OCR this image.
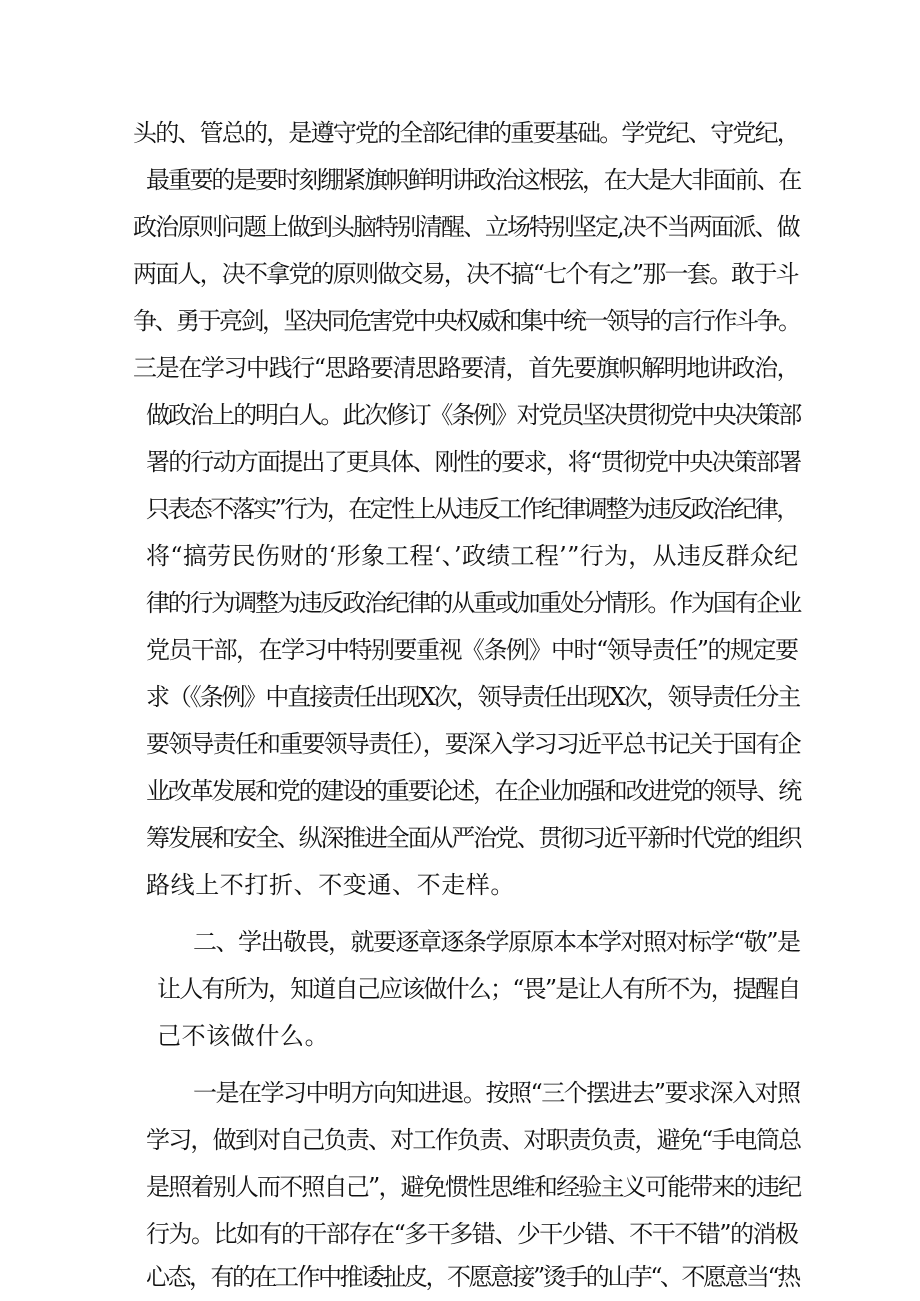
头的、管总的，是遵守党的全部纪律的重要基础。学党纪、守党纪，
最重要的是要时刻绷紧旗帜鲜明讲政治这根弦，在大是大非面前、在
政治原则问题上做到头脑特别清醒、立场特别坚定,决不当两面派、做
两面人，决不拿党的原则做交易，决不搞“七个有之”那一套。敢于斗
争、勇于亮剑，坚决同危害党中央权威和集中统一领导的言行作斗争。
三是在学习中践行“思路要清思路要清，首先要旗帜解明地讲政治，
做政治上的明白人。此次修订《条例》对党员坚决贯彻党中央决策部
署的行动方面提出了更具体、刚性的要求，将“贯彻党中央决策部署
只表态不落实”行为，在定性上从违反工作纪律调整为违反政治纪律，
将“搞劳民伤财的‘形象工程‘、’政绩工程’”行为，从违反群众纪
律的行为调整为违反政治纪律的从重或加重处分情形。作为国有企业
党员干部，在学习中特别要重视《条例》中时“领导责任”的规定要
求（《条例》中直接责任出现X次，领导责任出现X次，领导责任分主
要领导责任和重要领导责任），要深入学习习近平总书记关于国有企
业改革发展和党的建设的重要论述，在企业加强和改进党的领导、统
筹发展和安全、纵深推进全面从严治党、贯彻习近平新时代党的组织
路线上不打折、不变通、不走样。
二、学出敬畏，就要逐章逐条学原原本本学对照对标学“敬”是
让人有所为，知道自己应该做什么；“畏”是让人有所不为，提醒自
己不该做什么。
一是在学习中明方向知进退。按照“三个摆进去”要求深入对照
学习，做到对自己负责、对工作负责、对职责负责，避免“手电筒总
是照着别人而不照自己”，避免惯性思维和经验主义可能带来的违纪
行为。比如有的干部存在“多干多错、少干少错、不干不错”的消极
心态，有的在工作中推诿扯皮，不愿意接”烫手的山芋“、不愿意当“热
